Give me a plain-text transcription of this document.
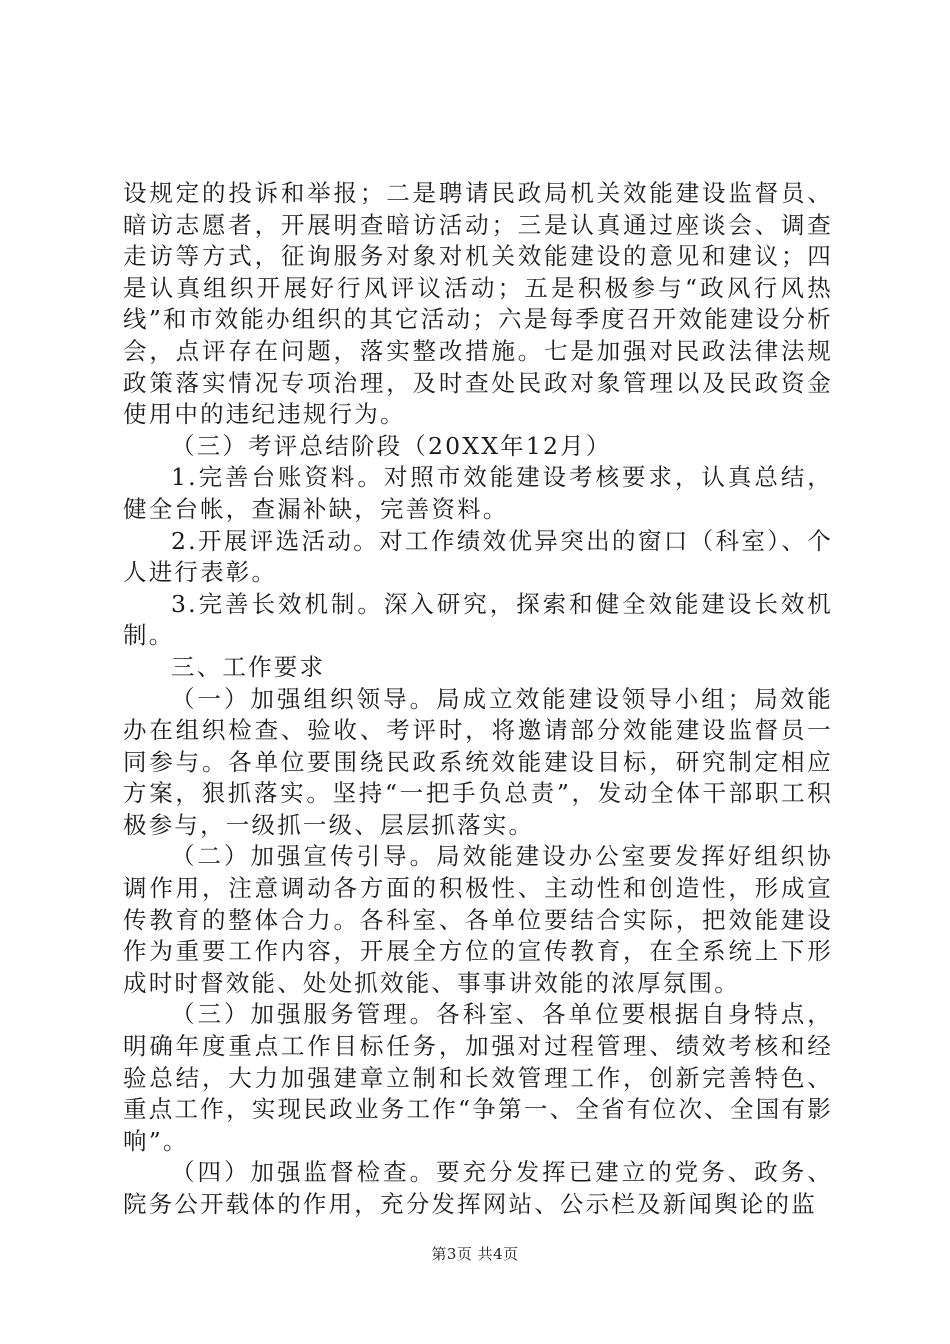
设规定的投诉和举报；二是聘请民政局机关效能建设监督员、暗访志愿者，开展明查暗访活动；三是认真通过座谈会、调查走访等方式，征询服务对象对机关效能建设的意见和建议；四是认真组织开展好行风评议活动；五是积极参与“政风行风热线”和市效能办组织的其它活动；六是每季度召开效能建设分析会，点评存在问题，落实整改措施。七是加强对民政法律法规政策落实情况专项治理，及时查处民政对象管理以及民政资金使用中的违纪违规行为。

（三）考评总结阶段（20XX年12月）

1.完善台账资料。对照市效能建设考核要求，认真总结，健全台帐，查漏补缺，完善资料。

2.开展评选活动。对工作绩效优异突出的窗口（科室）、个人进行表彰。

3.完善长效机制。深入研究，探索和健全效能建设长效机制。

三、工作要求

（一）加强组织领导。局成立效能建设领导小组；局效能办在组织检查、验收、考评时，将邀请部分效能建设监督员一同参与。各单位要围绕民政系统效能建设目标，研究制定相应方案，狠抓落实。坚持“一把手负总责”，发动全体干部职工积极参与，一级抓一级、层层抓落实。

（二）加强宣传引导。局效能建设办公室要发挥好组织协调作用，注意调动各方面的积极性、主动性和创造性，形成宣传教育的整体合力。各科室、各单位要结合实际，把效能建设作为重要工作内容，开展全方位的宣传教育，在全系统上下形成时时督效能、处处抓效能、事事讲效能的浓厚氛围。

（三）加强服务管理。各科室、各单位要根据自身特点，明确年度重点工作目标任务，加强对过程管理、绩效考核和经验总结，大力加强建章立制和长效管理工作，创新完善特色、重点工作，实现民政业务工作“争第一、全省有位次、全国有影响”。

（四）加强监督检查。要充分发挥已建立的党务、政务、院务公开载体的作用，充分发挥网站、公示栏及新闻舆论的监

第3页 共4页
